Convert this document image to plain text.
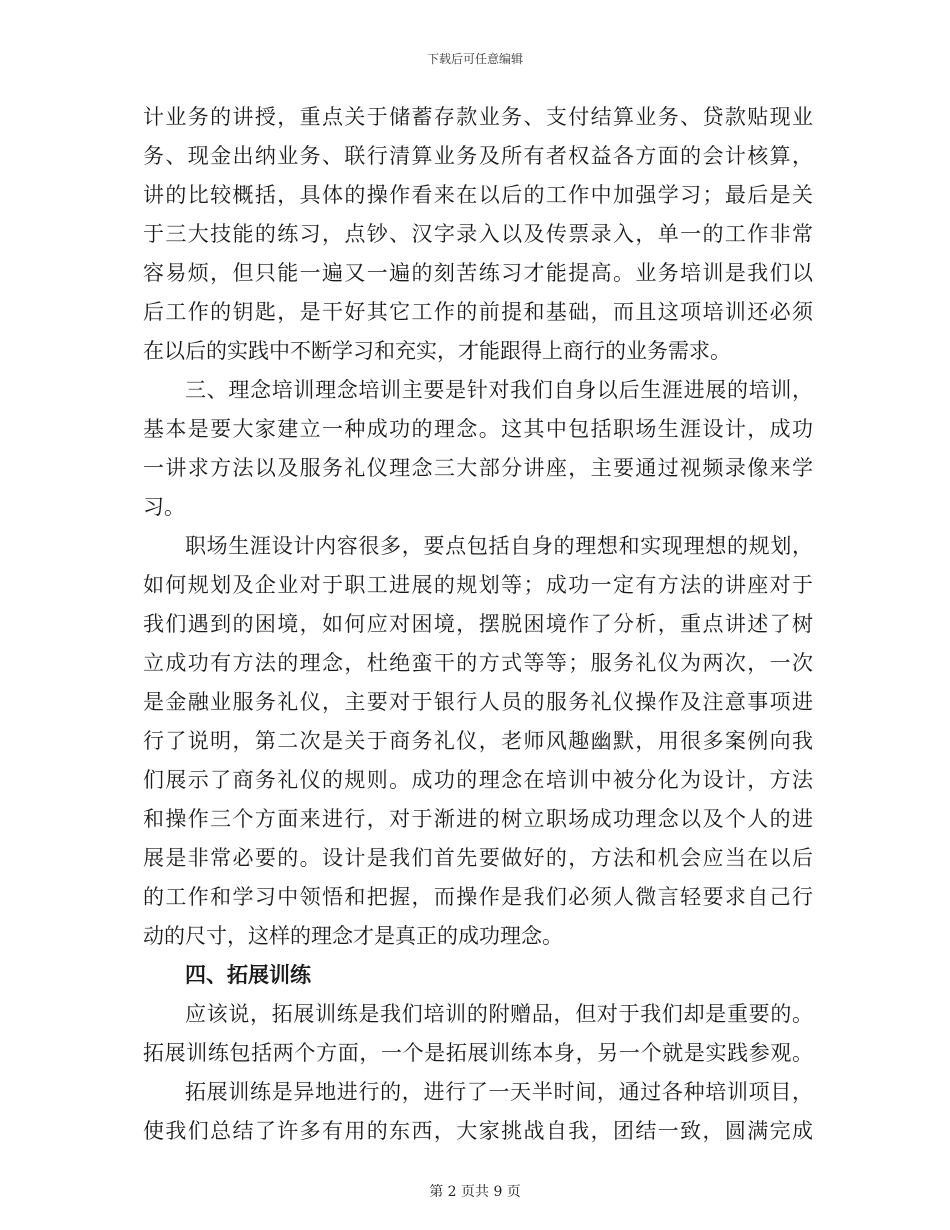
下载后可任意编辑
计业务的讲授，重点关于储蓄存款业务、支付结算业务、贷款贴现业
务、现金出纳业务、联行清算业务及所有者权益各方面的会计核算，
讲的比较概括，具体的操作看来在以后的工作中加强学习；最后是关
于三大技能的练习，点钞、汉字录入以及传票录入，单一的工作非常
容易烦，但只能一遍又一遍的刻苦练习才能提高。业务培训是我们以
后工作的钥匙，是干好其它工作的前提和基础，而且这项培训还必须
在以后的实践中不断学习和充实，才能跟得上商行的业务需求。
三、理念培训理念培训主要是针对我们自身以后生涯进展的培训，
基本是要大家建立一种成功的理念。这其中包括职场生涯设计，成功
一讲求方法以及服务礼仪理念三大部分讲座，主要通过视频录像来学
习。
职场生涯设计内容很多，要点包括自身的理想和实现理想的规划，
如何规划及企业对于职工进展的规划等；成功一定有方法的讲座对于
我们遇到的困境，如何应对困境，摆脱困境作了分析，重点讲述了树
立成功有方法的理念，杜绝蛮干的方式等等；服务礼仪为两次，一次
是金融业服务礼仪，主要对于银行人员的服务礼仪操作及注意事项进
行了说明，第二次是关于商务礼仪，老师风趣幽默，用很多案例向我
们展示了商务礼仪的规则。成功的理念在培训中被分化为设计，方法
和操作三个方面来进行，对于渐进的树立职场成功理念以及个人的进
展是非常必要的。设计是我们首先要做好的，方法和机会应当在以后
的工作和学习中领悟和把握，而操作是我们必须人微言轻要求自己行
动的尺寸，这样的理念才是真正的成功理念。
四、拓展训练
应该说，拓展训练是我们培训的附赠品，但对于我们却是重要的。
拓展训练包括两个方面，一个是拓展训练本身，另一个就是实践参观。
拓展训练是异地进行的，进行了一天半时间，通过各种培训项目，
使我们总结了许多有用的东西，大家挑战自我，团结一致，圆满完成
第 2 页共 9 页
